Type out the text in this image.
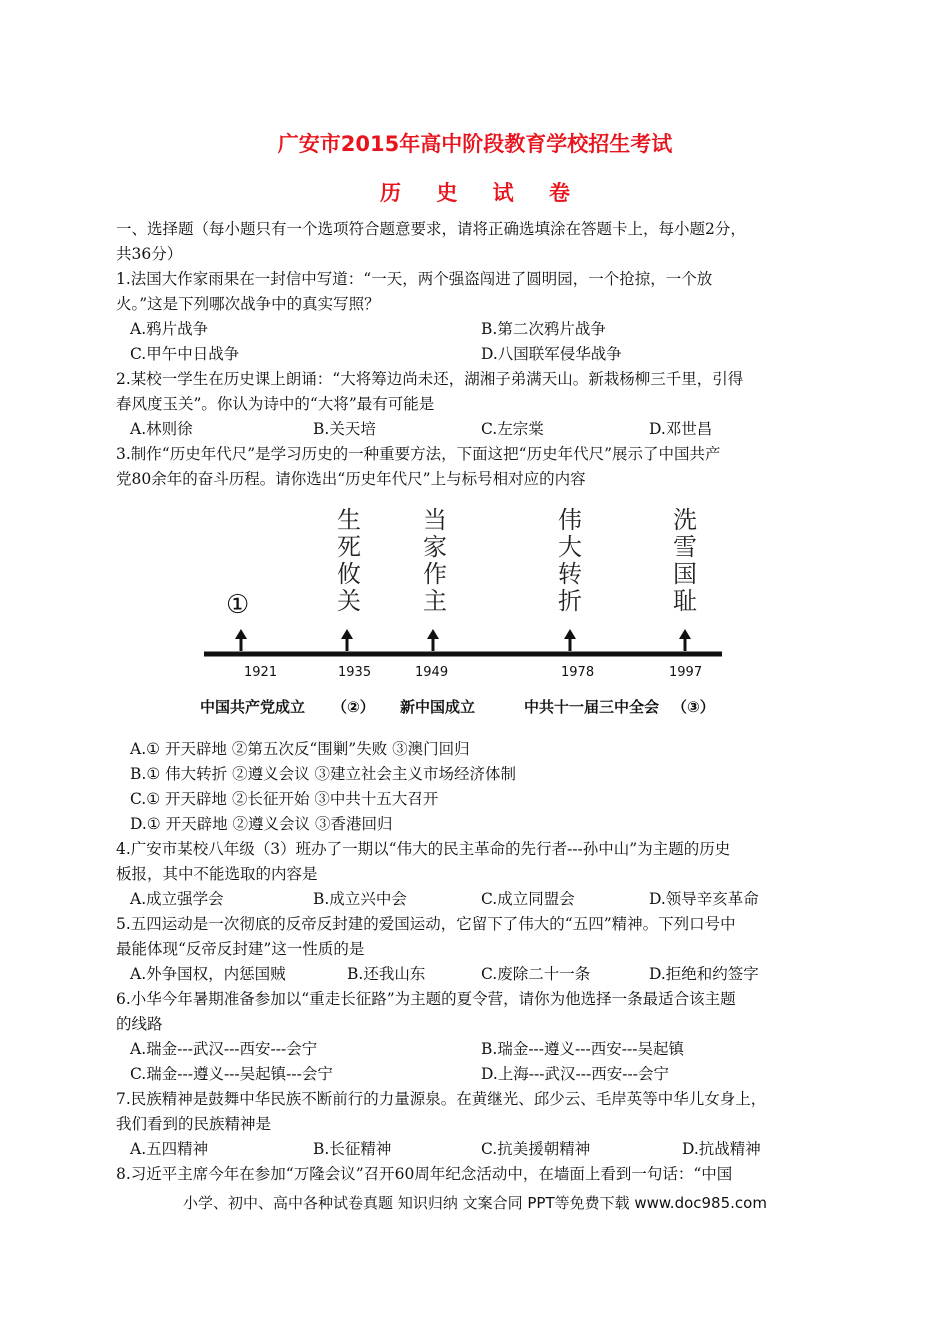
广安市2015年高中阶段教育学校招生考试
历 史 试 卷
一、选择题（每小题只有一个选项符合题意要求，请将正确选填涂在答题卡上，每小题2分，
共36分）
1.法国大作家雨果在一封信中写道：“一天，两个强盗闯进了圆明园，一个抢掠，一个放
火。”这是下列哪次战争中的真实写照？
A.鸦片战争	B.第二次鸦片战争
C.甲午中日战争	D.八国联军侵华战争
2.某校一学生在历史课上朗诵：“大将筹边尚未还，湖湘子弟满天山。新栽杨柳三千里，引得
春风度玉关”。你认为诗中的“大将”最有可能是
A.林则徐	B.关天培	C.左宗棠	D.邓世昌
3.制作“历史年代尺”是学习历史的一种重要方法，下面这把“历史年代尺”展示了中国共产
党80余年的奋斗历程。请你选出“历史年代尺”上与标号相对应的内容
生
死
攸
关
当
家
作
主
伟
大
转
折
洗
雪
国
耻
①
1921	1935	1949	1978	1997
中国共产党成立 （②） 新中国成立	中共十一届三中全会 （③）
A.① 开天辟地 ②第五次反“围剿”失败 ③澳门回归
B.① 伟大转折 ②遵义会议 ③建立社会主义市场经济体制
C.① 开天辟地 ②长征开始 ③中共十五大召开
D.① 开天辟地 ②遵义会议 ③香港回归
4.广安市某校八年级（3）班办了一期以“伟大的民主革命的先行者---孙中山”为主题的历史
板报，其中不能选取的内容是
A.成立强学会	B.成立兴中会	C.成立同盟会	D.领导辛亥革命
5.五四运动是一次彻底的反帝反封建的爱国运动，它留下了伟大的“五四”精神。下列口号中
最能体现“反帝反封建”这一性质的是
A.外争国权，内惩国贼	B.还我山东	C.废除二十一条	D.拒绝和约签字
6.小华今年暑期准备参加以“重走长征路”为主题的夏令营，请你为他选择一条最适合该主题
的线路
A.瑞金---武汉---西安---会宁	B.瑞金---遵义---西安---吴起镇
C.瑞金---遵义---吴起镇---会宁	D.上海---武汉---西安---会宁
7.民族精神是鼓舞中华民族不断前行的力量源泉。在黄继光、邱少云、毛岸英等中华儿女身上，
我们看到的民族精神是
A.五四精神	B.长征精神	C.抗美援朝精神	D.抗战精神
8.习近平主席今年在参加“万隆会议”召开60周年纪念活动中，在墙面上看到一句话：“中国
小学、初中、高中各种试卷真题 知识归纳 文案合同 PPT等免费下载 www.doc985.com
